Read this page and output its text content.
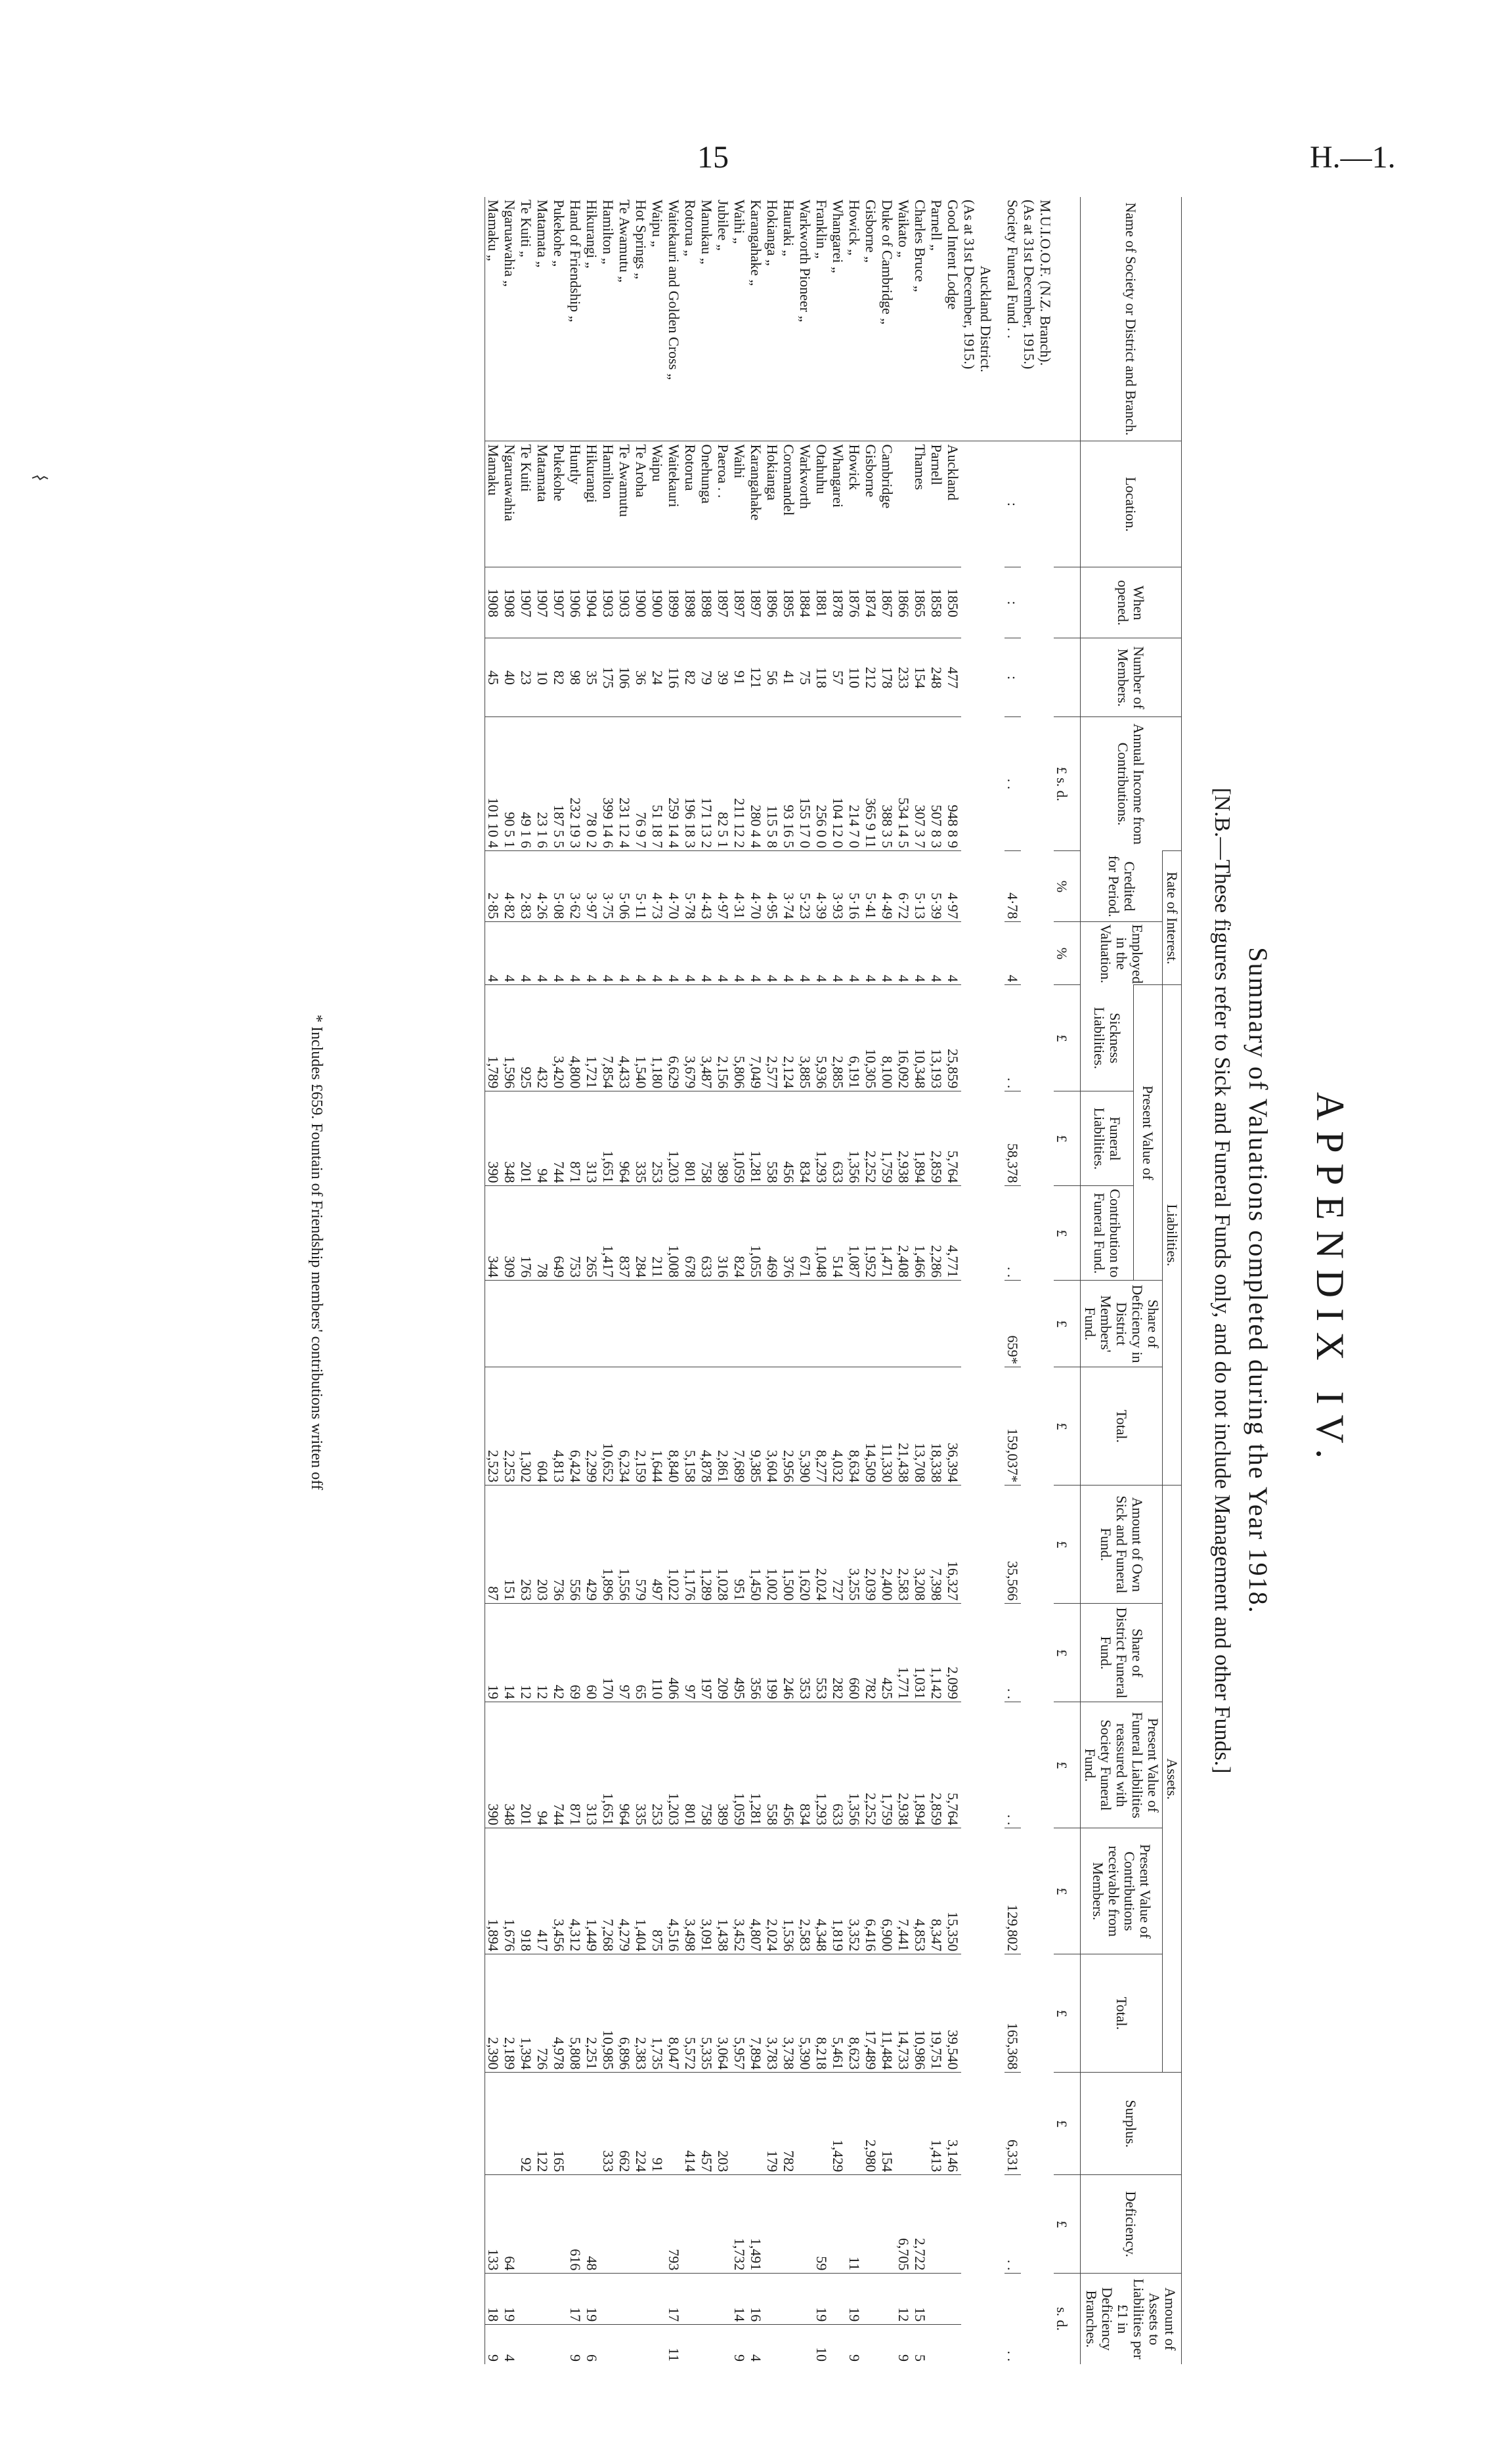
15	H.—1.
APPENDIX IV.
Summary of Valuations completed during the Year 1918.
[N.B.—These figures refer to Sick and Funeral Funds only, and do not include Management and other Funds.]
Name of Society or District and Branch.	Location.	When opened.	Number of Members.	Annual Income from Contributions.	Rate of Interest.		Liabilities.					Assets.					Surplus.	Deficiency.	Amount of Assets to Liabilities per £1 in Deficiency Branches.	
					Credited for Period.	Employed in the Valuation.	Present Value of			Share of Deficiency in District Members' Fund.	Total.	Amount of Own Sick and Funeral Fund.	Share of District Funeral Fund.	Present Value of Funeral Liabilities reassured with Society Funeral Fund.	Present Value of Contributions receivable from Members.	Total.				
							Sickness Liabilities.	Funeral Liabilities.	Contribution to Funeral Fund.											
				£ s. d.	%	%	£	£	£	£	£	£	£	£	£	£	£	£	s. d.	
M.U.I.O.O.F. (N.Z. Branch).																				
(As at 31st December, 1915.)																				
Society Funeral Fund . .	:	:	:	. .	4·78	4	. .	58,378	. .	659*	159,037*	35,566	. .	. .	129,802	165,368	6,331	. .	. .	

Auckland District.																				
(As at 31st December, 1915.)																				
Good Intent Lodge	Auckland	1850	477	948 8 9	4·97	4	25,859	5,764	4,771		36,394	16,327	2,099	5,764	15,350	39,540	3,146			
Parnell „	Parnell	1858	248	507 8 3	5·39	4	13,193	2,859	2,286		18,338	7,398	1,142	2,859	8,347	19,751	1,413			
Charles Bruce „	Thames	1865	154	307 3 7	5·13	4	10,348	1,894	1,466		13,708	3,208	1,031	1,894	4,853	10,986		2,722	15	5
Waikato „		1866	233	534 14 5	6·72	4	16,092	2,938	2,408		21,438	2,583	1,771	2,938	7,441	14,733		6,705	12	9
Duke of Cambridge „	Cambridge	1867	178	388 3 5	4·49	4	8,100	1,759	1,471		11,330	2,400	425	1,759	6,900	11,484	154			
Gisborne „	Gisborne	1874	212	365 9 11	5·41	4	10,305	2,252	1,952		14,509	2,039	782	2,252	6,416	17,489	2,980			
Howick „	Howick	1876	110	214 7 0	5·16	4	6,191	1,356	1,087		8,634	3,255	660	1,356	3,352	8,623		11	19	9
Whangarei „	Whangarei	1878	57	104 12 0	3·93	4	2,885	633	514		4,032	727	282	633	1,819	5,461	1,429			
Franklin „	Otahuhu	1881	118	256 0 0	4·39	4	5,936	1,293	1,048		8,277	2,024	553	1,293	4,348	8,218		59	19	10
Warkworth Pioneer „	Warkworth	1884	75	155 17 0	5·23	4	3,885	834	671		5,390	1,620	353	834	2,583	5,390				
Hauraki „	Coromandel	1895	41	93 16 5	3·74	4	2,124	456	376		2,956	1,500	246	456	1,536	3,738	782			
Hokianga „	Hokianga	1896	56	115 5 8	4·95	4	2,577	558	469		3,604	1,002	199	558	2,024	3,783	179			
Karangahake „	Karangahake	1897	121	280 4 4	4·70	4	7,049	1,281	1,055		9,385	1,450	356	1,281	4,807	7,894		1,491	16	4
Waihi „	Waihi	1897	91	211 12 2	4·31	4	5,806	1,059	824		7,689	951	495	1,059	3,452	5,957		1,732	14	9
Jubilee „	Paeroa . .	1897	39	82 5 1	4·97	4	2,156	389	316		2,861	1,028	209	389	1,438	3,064	203			
Manukau „	Onehunga	1898	79	171 13 2	4·43	4	3,487	758	633		4,878	1,289	197	758	3,091	5,335	457			
Rotorua „	Rotorua	1898	82	196 18 3	5·78	4	3,679	801	678		5,158	1,176	97	801	3,498	5,572	414			
Waitekauri and Golden Cross „	Waitekauri	1899	116	259 14 4	4·70	4	6,629	1,203	1,008		8,840	1,022	406	1,203	4,516	8,047		793	17	11
Waipu „	Waipu	1900	24	51 18 7	4·73	4	1,180	253	211		1,644	497	110	253	875	1,735	91			
Hot Springs „	Te Aroha	1900	36	76 9 7	5·11	4	1,540	335	284		2,159	579	65	335	1,404	2,383	224			
Te Awamutu „	Te Awamutu	1903	106	231 12 4	5·06	4	4,433	964	837		6,234	1,556	97	964	4,279	6,896	662			
Hamilton „	Hamilton	1903	175	399 14 6	3·75	4	7,854	1,651	1,417		10,652	1,896	170	1,651	7,268	10,985	333			
Hikurangi „	Hikurangi	1904	35	78 0 2	3·97	4	1,721	313	265		2,299	429	60	313	1,449	2,251		48	19	6
Hand of Friendship „	Huntly	1906	98	232 19 3	3·62	4	4,800	871	753		6,424	556	69	871	4,312	5,808		616	17	9
Pukekohe „	Pukekohe	1907	82	187 5 5	5·08	4	3,420	744	649		4,813	736	42	744	3,456	4,978	165			
Matamata „	Matamata	1907	10	23 1 6	4·26	4	432	94	78		604	203	12	94	417	726	122			
Te Kuiti „	Te Kuiti	1907	23	49 1 6	2·83	4	925	201	176		1,302	263	12	201	918	1,394	92			
Ngaruawahia „	Ngaruawahia	1908	40	90 5 1	4·82	4	1,596	348	309		2,253	151	14	348	1,676	2,189		64	19	4
Mamaku „	Mamaku	1908	45	101 10 4	2·85	4	1,789	390	344		2,523	87	19	390	1,894	2,390		133	18	9
* Includes £659. Fountain of Friendship members' contributions written off
